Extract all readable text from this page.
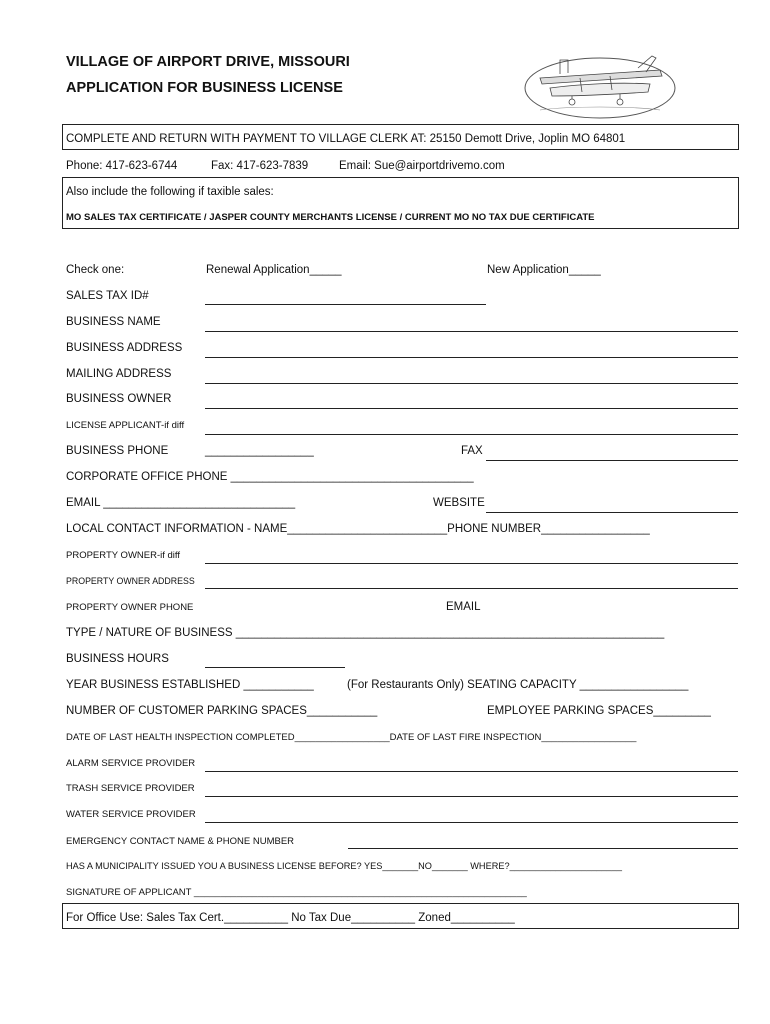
VILLAGE OF AIRPORT DRIVE, MISSOURI
APPLICATION FOR BUSINESS LICENSE
COMPLETE AND RETURN WITH PAYMENT TO VILLAGE CLERK AT: 25150 Demott Drive, Joplin MO 64801
Phone: 417-623-6744	Fax: 417-623-7839	Email: Sue@airportdrivemo.com
Also include the following if taxible sales:
MO SALES TAX CERTIFICATE / JASPER COUNTY MERCHANTS LICENSE / CURRENT MO NO TAX DUE CERTIFICATE
Check one:	Renewal Application_____	New Application_____
SALES TAX ID#
BUSINESS NAME
BUSINESS ADDRESS
MAILING ADDRESS
BUSINESS OWNER
LICENSE APPLICANT-if diff
BUSINESS PHONE	_________________	FAX
CORPORATE OFFICE PHONE ______________________________________
EMAIL ______________________________	WEBSITE
LOCAL CONTACT INFORMATION - NAME_________________________PHONE NUMBER_________________
PROPERTY OWNER-if diff
PROPERTY OWNER ADDRESS
PROPERTY OWNER PHONE	EMAIL
TYPE / NATURE OF BUSINESS ___________________________________________________________________
BUSINESS HOURS
YEAR BUSINESS ESTABLISHED ___________	(For Restaurants Only) SEATING CAPACITY _________________
NUMBER OF CUSTOMER PARKING SPACES___________	EMPLOYEE PARKING SPACES_________
DATE OF LAST HEALTH INSPECTION COMPLETED__________________DATE OF LAST FIRE INSPECTION__________________
ALARM SERVICE PROVIDER
TRASH SERVICE PROVIDER
WATER SERVICE PROVIDER
EMERGENCY CONTACT NAME & PHONE NUMBER
HAS A MUNICIPALITY ISSUED YOU A BUSINESS LICENSE BEFORE? YES_______NO_______ WHERE?______________________
SIGNATURE OF APPLICANT _______________________________________________________________
For Office Use: Sales Tax Cert.__________ No Tax Due__________ Zoned__________
